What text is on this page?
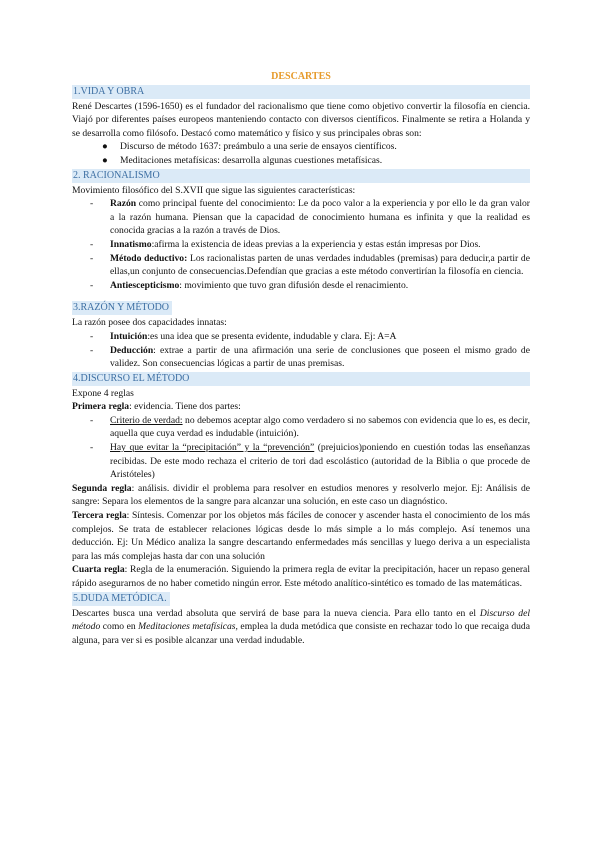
DESCARTES
1.VIDA Y OBRA

René Descartes (1596-1650) es el fundador del racionalismo que tiene como objetivo convertir la filosofía en ciencia. Viajó por diferentes países europeos manteniendo contacto con diversos científicos. Finalmente se retira a Holanda y se desarrolla como filósofo. Destacó como matemático y físico y sus principales obras son:

● Discurso de método 1637: preámbulo a una serie de ensayos científicos.
● Meditaciones metafísicas: desarrolla algunas cuestiones metafísicas.
2. RACIONALISMO

Movimiento filosófico del S.XVII que sigue las siguientes características:

- Razón como principal fuente del conocimiento: Le da poco valor a la experiencia y por ello le da gran valor a la razón humana. Piensan que la capacidad de conocimiento humana es infinita y que la realidad es conocida gracias a la razón a través de Dios.
- Innatismo:afirma la existencia de ideas previas a la experiencia y estas están impresas por Dios.
- Método deductivo: Los racionalistas parten de unas verdades indudables (premisas) para deducir,a partir de ellas,un conjunto de consecuencias.Defendían que gracias a este método convertirían la filosofía en ciencia.
- Antiescepticismo: movimiento que tuvo gran difusión desde el renacimiento.
3.RAZÓN Y MÉTODO

La razón posee dos capacidades innatas:

- Intuición:es una idea que se presenta evidente, indudable y clara. Ej: A=A
- Deducción: extrae a partir de una afirmación una serie de conclusiones que poseen el mismo grado de validez. Son consecuencias lógicas a partir de unas premisas.
4.DISCURSO EL MÉTODO

Expone 4 reglas

Primera regla: evidencia. Tiene dos partes:

- Criterio de verdad: no debemos aceptar algo como verdadero si no sabemos con evidencia que lo es, es decir, aquella que cuya verdad es indudable (intuición).
- Hay que evitar la “precipitación” y la “prevención” (prejuicios)poniendo en cuestión todas las enseñanzas recibidas. De este modo rechaza el criterio de tori dad escolástico (autoridad de la Biblia o que procede de Aristóteles)

Segunda regla: análisis. dividir el problema para resolver en estudios menores y resolverlo mejor. Ej: Análisis de sangre: Separa los elementos de la sangre para alcanzar una solución, en este caso un diagnóstico.

Tercera regla: Síntesis. Comenzar por los objetos más fáciles de conocer y ascender hasta el conocimiento de los más complejos. Se trata de establecer relaciones lógicas desde lo más simple a lo más complejo. Así tenemos una deducción. Ej: Un Médico analiza la sangre descartando enfermedades más sencillas y luego deriva a un especialista para las más complejas hasta dar con una solución

Cuarta regla: Regla de la enumeración. Siguiendo la primera regla de evitar la precipitación, hacer un repaso general rápido asegurarnos de no haber cometido ningún error. Este método analítico-sintético es tomado de las matemáticas.

5.DUDA METÓDICA.

Descartes busca una verdad absoluta que servirá de base para la nueva ciencia. Para ello tanto en el Discurso del método como en Meditaciones metafísicas, emplea la duda metódica que consiste en rechazar todo lo que recaiga duda alguna, para ver si es posible alcanzar una verdad indudable.
